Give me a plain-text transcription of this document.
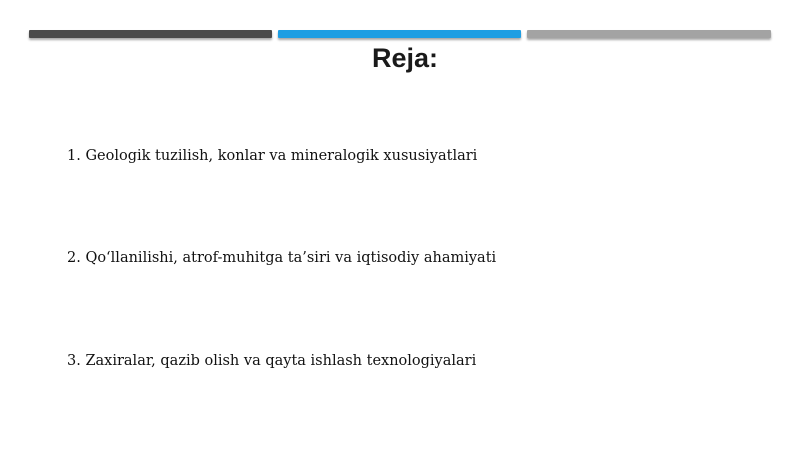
Reja:
1. Geologik tuzilish, konlar va mineralogik xususiyatlari
2. Qo‘llanilishi, atrof-muhitga ta’siri va iqtisodiy ahamiyati
3. Zaxiralar, qazib olish va qayta ishlash texnologiyalari
